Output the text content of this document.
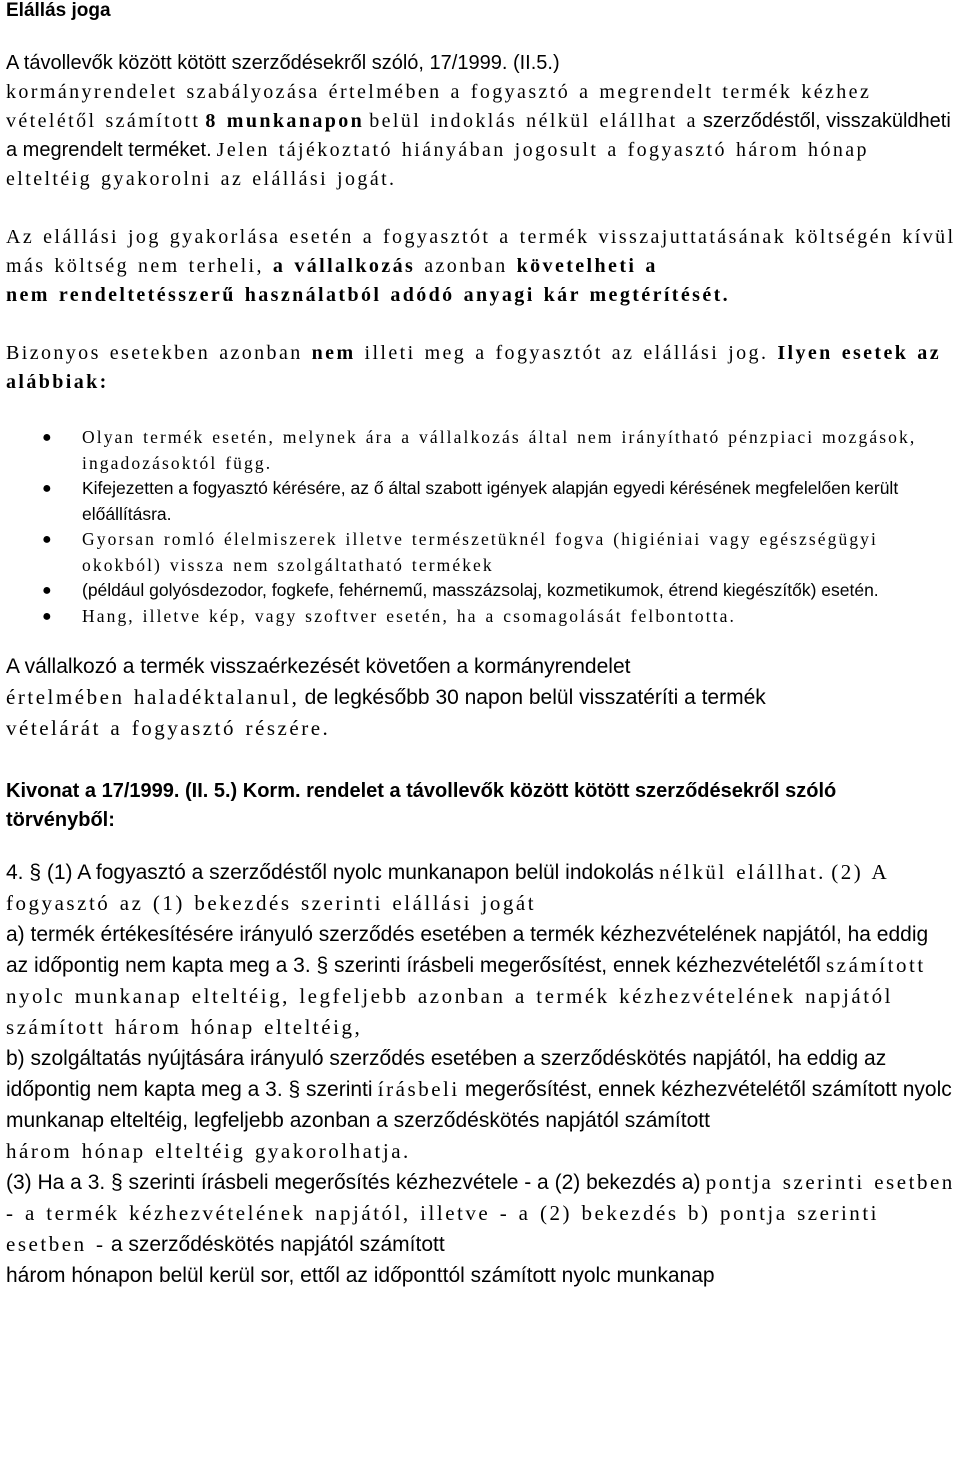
Elállás joga

A távollevők között kötött szerződésekről szóló, 17/1999. (II.5.)
kormányrendelet szabályozása értelmében a fogyasztó a megrendelt termék kézhez vételétől számított 8 munkanapon belül indoklás nélkül elállhat a szerződéstől, visszaküldheti a megrendelt terméket. Jelen tájékoztató hiányában jogosult a fogyasztó három hónap elteltéig gyakorolni az elállási jogát.

Az elállási jog gyakorlása esetén a fogyasztót a termék visszajuttatásának költségén kívül más költség nem terheli, a vállalkozás azonban követelheti a
nem rendeltetésszerű használatból adódó anyagi kár megtérítését.

Bizonyos esetekben azonban nem illeti meg a fogyasztót az elállási jog. Ilyen esetek az alábbiak:

● Olyan termék esetén, melynek ára a vállalkozás által nem irányítható pénzpiaci mozgások, ingadozásoktól függ.
● Kifejezetten a fogyasztó kérésére, az ő által szabott igények alapján egyedi kérésének megfelelően került előállításra.
● Gyorsan romló élelmiszerek illetve természetüknél fogva (higiéniai vagy egészségügyi okokból) vissza nem szolgáltatható termékek
● (például golyósdezodor, fogkefe, fehérnemű, masszázsolaj, kozmetikumok, étrend kiegészítők) esetén.
● Hang, illetve kép, vagy szoftver esetén, ha a csomagolását felbontotta.

A vállalkozó a termék visszaérkezését követően a kormányrendelet
értelmében haladéktalanul, de legkésőbb 30 napon belül visszatéríti a termék
vételárát a fogyasztó részére.

Kivonat a 17/1999. (II. 5.) Korm. rendelet a távollevők között kötött szerződésekről szóló törvényből:

4. § (1) A fogyasztó a szerződéstől nyolc munkanapon belül indokolás nélkül elállhat. (2) A fogyasztó az (1) bekezdés szerinti elállási jogát
a) termék értékesítésére irányuló szerződés esetében a termék kézhezvételének napjától, ha eddig az időpontig nem kapta meg a 3. § szerinti írásbeli megerősítést, ennek kézhezvételétől számított nyolc munkanap elteltéig, legfeljebb azonban a termék kézhezvételének napjától számított három hónap elteltéig,
b) szolgáltatás nyújtására irányuló szerződés esetében a szerződéskötés napjától, ha eddig az időpontig nem kapta meg a 3. § szerinti írásbeli megerősítést, ennek kézhezvételétől számított nyolc munkanap elteltéig, legfeljebb azonban a szerződéskötés napjától számított
három hónap elteltéig gyakorolhatja.
(3) Ha a 3. § szerinti írásbeli megerősítés kézhezvétele - a (2) bekezdés a) pontja szerinti esetben - a termék kézhezvételének napjától, illetve - a (2) bekezdés b) pontja szerinti esetben - a szerződéskötés napjától számított
három hónapon belül kerül sor, ettől az időponttól számított nyolc munkanap
